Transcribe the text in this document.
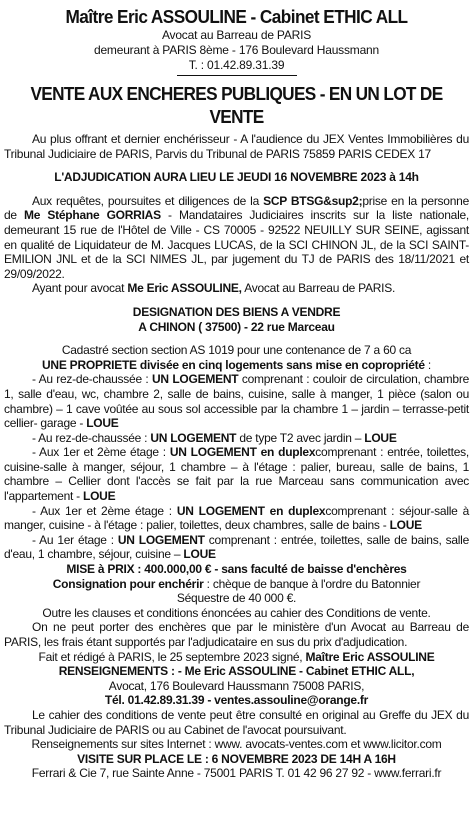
Maître Eric ASSOULINE - Cabinet ETHIC ALL
Avocat au Barreau de PARIS
demeurant à PARIS 8ème - 176 Boulevard Haussmann
T. : 01.42.89.31.39
VENTE AUX ENCHERES PUBLIQUES - EN UN LOT DE VENTE

Au plus offrant et dernier enchérisseur - A l'audience du JEX Ventes Immobilières du Tribunal Judiciaire de PARIS, Parvis du Tribunal de PARIS 75859 PARIS CEDEX 17

L'ADJUDICATION AURA LIEU LE JEUDI 16 NOVEMBRE 2023 à 14h

Aux requêtes, poursuites et diligences de la SCP BTSG&sup2;prise en la personne de Me Stéphane GORRIAS - Mandataires Judiciaires inscrits sur la liste nationale, demeurant 15 rue de l'Hôtel de Ville - CS 70005 - 92522 NEUILLY SUR SEINE, agissant en qualité de Liquidateur de M. Jacques LUCAS, de la SCI CHINON JL, de la SCI SAINT-EMILION JNL et de la SCI NIMES JL, par jugement du TJ de PARIS des 18/11/2021 et 29/09/2022.

Ayant pour avocat Me Eric ASSOULINE, Avocat au Barreau de PARIS.

DESIGNATION DES BIENS A VENDRE

A CHINON ( 37500) - 22 rue Marceau

Cadastré section section AS 1019 pour une contenance de 7 a 60 ca

UNE PROPRIETE divisée en cinq logements sans mise en copropriété :

- Au rez-de-chaussée : UN LOGEMENT comprenant : couloir de circulation, chambre 1, salle d'eau, wc, chambre 2, salle de bains, cuisine, salle à manger, 1 pièce (salon ou chambre) – 1 cave voûtée au sous sol accessible par la chambre 1 – jardin – terrasse-petit cellier- garage - LOUE

- Au rez-de-chaussée : UN LOGEMENT de type T2 avec jardin – LOUE

- Aux 1er et 2ème étage : UN LOGEMENT en duplexcomprenant : entrée, toilettes, cuisine-salle à manger, séjour, 1 chambre – à l'étage : palier, bureau, salle de bains, 1 chambre – Cellier dont l'accès se fait par la rue Marceau sans communication avec l'appartement - LOUE

- Aux 1er et 2ème étage : UN LOGEMENT en duplexcomprenant : séjour-salle à manger, cuisine - à l'étage : palier, toilettes, deux chambres, salle de bains - LOUE

- Au 1er étage : UN LOGEMENT comprenant : entrée, toilettes, salle de bains, salle d'eau, 1 chambre, séjour, cuisine – LOUE

MISE à PRIX : 400.000,00 € - sans faculté de baisse d'enchères

Consignation pour enchérir : chèque de banque à l'ordre du Batonnier

Séquestre de 40 000 €.

Outre les clauses et conditions énoncées au cahier des Conditions de vente.

On ne peut porter des enchères que par le ministère d'un Avocat au Barreau de PARIS, les frais étant supportés par l'adjudicataire en sus du prix d'adjudication.

Fait et rédigé à PARIS, le 25 septembre 2023 signé, Maître Eric ASSOULINE

RENSEIGNEMENTS : - Me Eric ASSOULINE - Cabinet ETHIC ALL,

Avocat, 176 Boulevard Haussmann 75008 PARIS,

Tél. 01.42.89.31.39 - ventes.assouline@orange.fr

Le cahier des conditions de vente peut être consulté en original au Greffe du JEX du Tribunal Judiciaire de PARIS ou au Cabinet de l'avocat poursuivant.

Renseignements sur sites Internet : www. avocats-ventes.com et www.licitor.com

VISITE SUR PLACE LE : 6 NOVEMBRE 2023 DE 14H A 16H

Ferrari & Cie 7, rue Sainte Anne - 75001 PARIS T. 01 42 96 27 92 - www.ferrari.fr
